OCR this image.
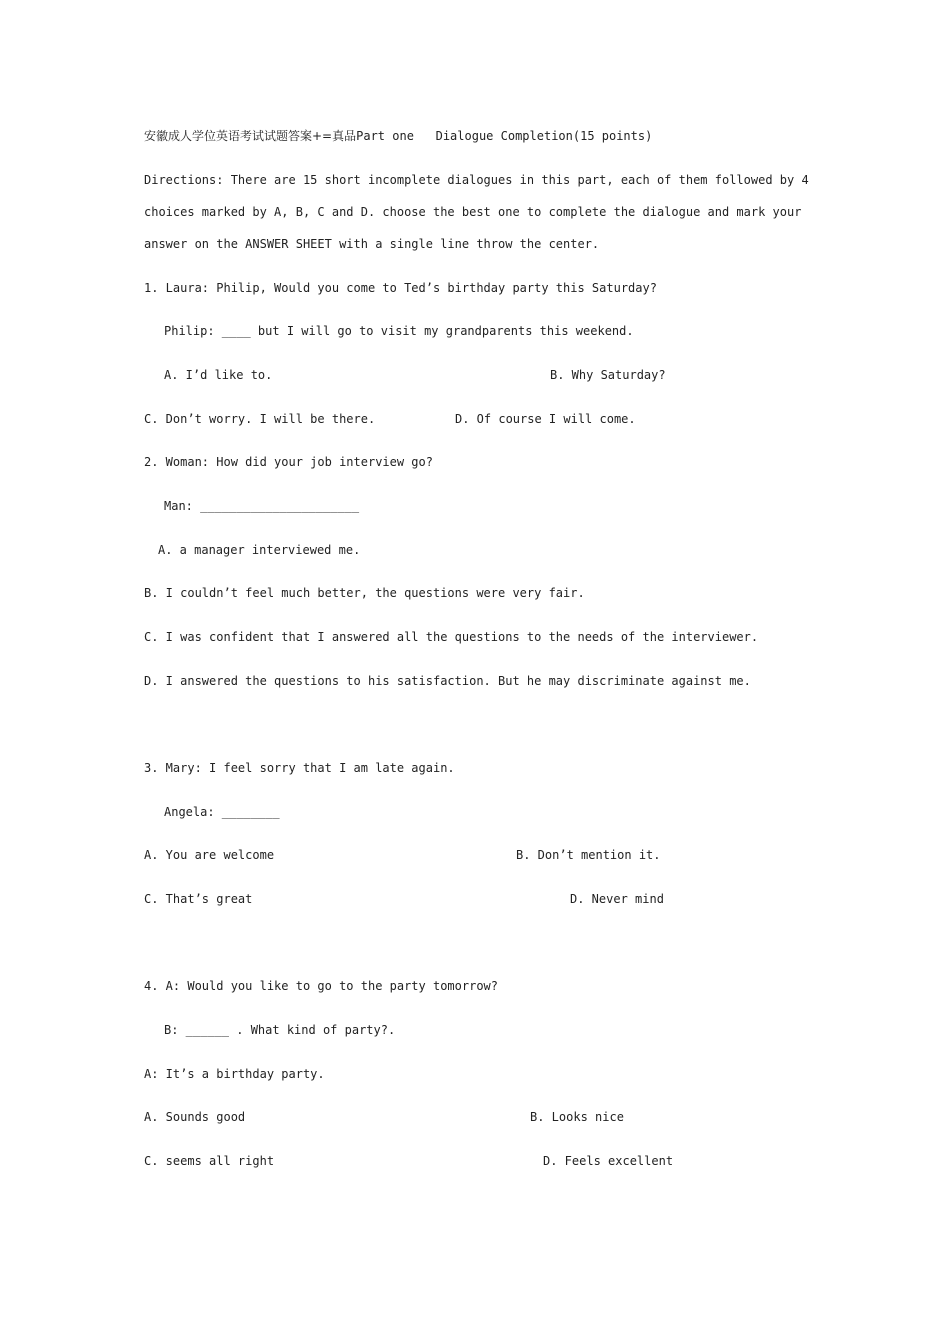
安徽成人学位英语考试试题答案+=真品Part one   Dialogue Completion(15 points)
Directions: There are 15 short incomplete dialogues in this part, each of them followed by 4
choices marked by A, B, C and D. choose the best one to complete the dialogue and mark your
answer on the ANSWER SHEET with a single line throw the center.
1. Laura: Philip, Would you come to Ted’s birthday party this Saturday?
Philip: ____ but I will go to visit my grandparents this weekend.
A. I’d like to.	B. Why Saturday?
C. Don’t worry. I will be there.	D. Of course I will come.
2. Woman: How did your job interview go?
Man: ______________________
A. a manager interviewed me.
B. I couldn’t feel much better, the questions were very fair.
C. I was confident that I answered all the questions to the needs of the interviewer.
D. I answered the questions to his satisfaction. But he may discriminate against me.
3. Mary: I feel sorry that I am late again.
Angela: ________
A. You are welcome	B. Don’t mention it.
C. That’s great	D. Never mind
4. A: Would you like to go to the party tomorrow?
B: ______ . What kind of party?.
A: It’s a birthday party.
A. Sounds good	B. Looks nice
C. seems all right	D. Feels excellent
